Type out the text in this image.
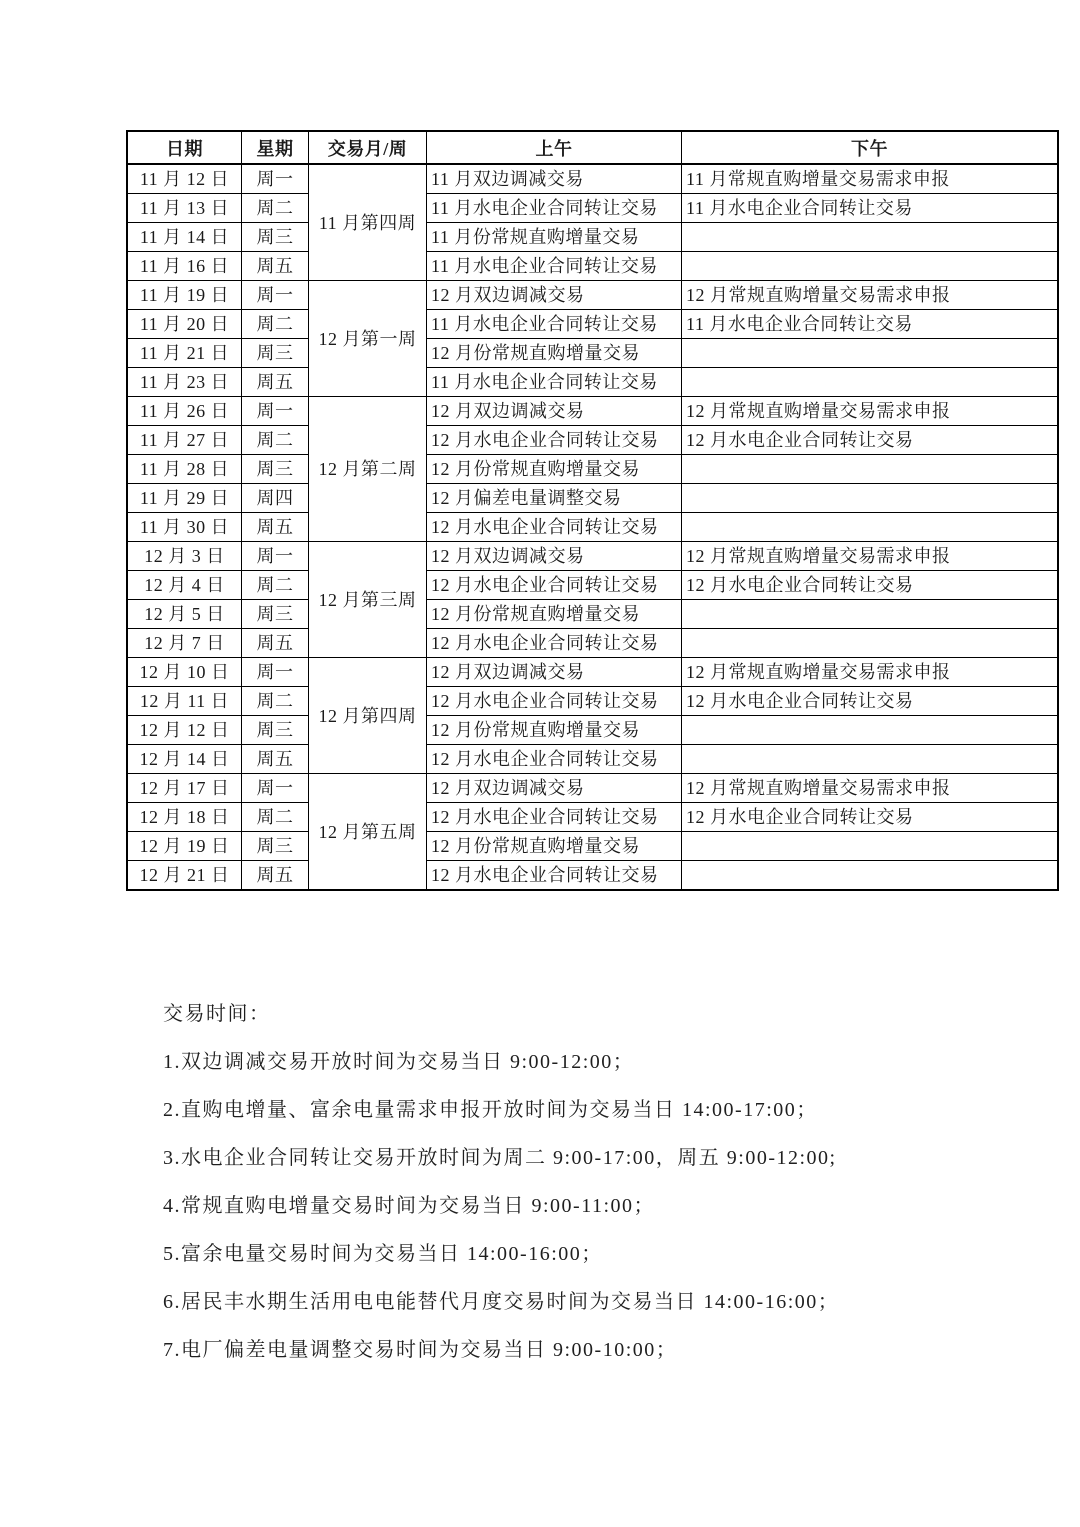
日期	星期	交易月/周	上午	下午
11 月 12 日	周一	11 月第四周	11 月双边调减交易	11 月常规直购增量交易需求申报
11 月 13 日	周二		11 月水电企业合同转让交易	11 月水电企业合同转让交易
11 月 14 日	周三		11 月份常规直购增量交易	
11 月 16 日	周五		11 月水电企业合同转让交易	
11 月 19 日	周一	12 月第一周	12 月双边调减交易	12 月常规直购增量交易需求申报
11 月 20 日	周二		11 月水电企业合同转让交易	11 月水电企业合同转让交易
11 月 21 日	周三		12 月份常规直购增量交易	
11 月 23 日	周五		11 月水电企业合同转让交易	
11 月 26 日	周一	12 月第二周	12 月双边调减交易	12 月常规直购增量交易需求申报
11 月 27 日	周二		12 月水电企业合同转让交易	12 月水电企业合同转让交易
11 月 28 日	周三		12 月份常规直购增量交易	
11 月 29 日	周四		12 月偏差电量调整交易	
11 月 30 日	周五		12 月水电企业合同转让交易	
12 月 3 日	周一	12 月第三周	12 月双边调减交易	12 月常规直购增量交易需求申报
12 月 4 日	周二		12 月水电企业合同转让交易	12 月水电企业合同转让交易
12 月 5 日	周三		12 月份常规直购增量交易	
12 月 7 日	周五		12 月水电企业合同转让交易	
12 月 10 日	周一	12 月第四周	12 月双边调减交易	12 月常规直购增量交易需求申报
12 月 11 日	周二		12 月水电企业合同转让交易	12 月水电企业合同转让交易
12 月 12 日	周三		12 月份常规直购增量交易	
12 月 14 日	周五		12 月水电企业合同转让交易	
12 月 17 日	周一	12 月第五周	12 月双边调减交易	12 月常规直购增量交易需求申报
12 月 18 日	周二		12 月水电企业合同转让交易	12 月水电企业合同转让交易
12 月 19 日	周三		12 月份常规直购增量交易	
12 月 21 日	周五		12 月水电企业合同转让交易	

交易时间：

1.双边调减交易开放时间为交易当日 9:00-12:00；

2.直购电增量、富余电量需求申报开放时间为交易当日 14:00-17:00；

3.水电企业合同转让交易开放时间为周二 9:00-17:00，周五 9:00-12:00;

4.常规直购电增量交易时间为交易当日 9:00-11:00；

5.富余电量交易时间为交易当日 14:00-16:00；

6.居民丰水期生活用电电能替代月度交易时间为交易当日 14:00-16:00；

7.电厂偏差电量调整交易时间为交易当日 9:00-10:00；
